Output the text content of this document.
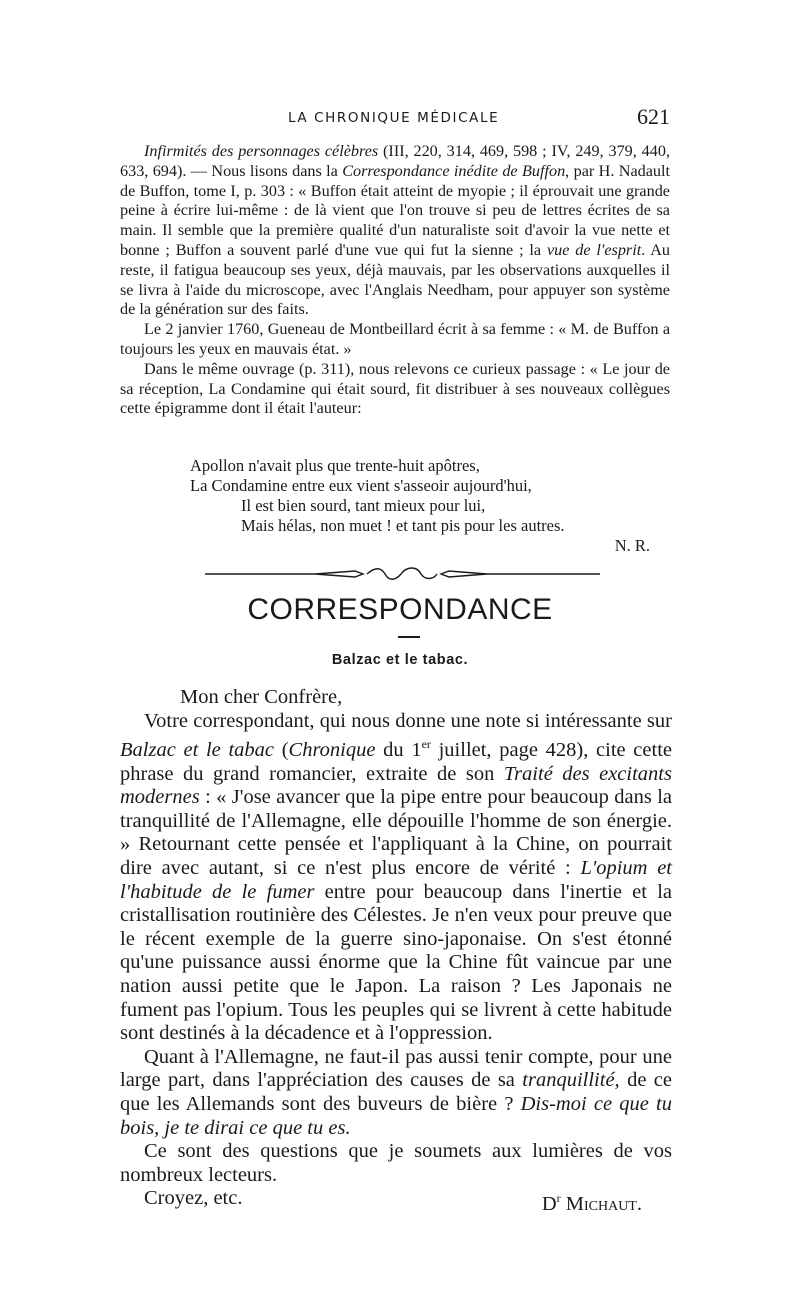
LA CHRONIQUE MÉDICALE	621

Infirmités des personnages célèbres (III, 220, 314, 469, 598 ; IV, 249, 379, 440, 633, 694). — Nous lisons dans la Correspondance inédite de Buffon, par H. Nadault de Buffon, tome I, p. 303 : « Buffon était atteint de myopie ; il éprouvait une grande peine à écrire lui-même : de là vient que l'on trouve si peu de lettres écrites de sa main. Il semble que la première qualité d'un naturaliste soit d'avoir la vue nette et bonne ; Buffon a souvent parlé d'une vue qui fut la sienne ; la vue de l'esprit. Au reste, il fatigua beaucoup ses yeux, déjà mauvais, par les observations auxquelles il se livra à l'aide du microscope, avec l'Anglais Needham, pour appuyer son système de la génération sur des faits.

Le 2 janvier 1760, Gueneau de Montbeillard écrit à sa femme : « M. de Buffon a toujours les yeux en mauvais état. »

Dans le même ouvrage (p. 311), nous relevons ce curieux passage : « Le jour de sa réception, La Condamine qui était sourd, fit distribuer à ses nouveaux collègues cette épigramme dont il était l'auteur:

Apollon n'avait plus que trente-huit apôtres,
La Condamine entre eux vient s'asseoir aujourd'hui,
Il est bien sourd, tant mieux pour lui,
Mais hélas, non muet ! et tant pis pour les autres.
N. R.
CORRESPONDANCE
Balzac et le tabac.

Mon cher Confrère,

Votre correspondant, qui nous donne une note si intéressante sur Balzac et le tabac (Chronique du 1er juillet, page 428), cite cette phrase du grand romancier, extraite de son Traité des excitants modernes : « J'ose avancer que la pipe entre pour beaucoup dans la tranquillité de l'Allemagne, elle dépouille l'homme de son énergie. » Retournant cette pensée et l'appliquant à la Chine, on pourrait dire avec autant, si ce n'est plus encore de vérité : L'opium et l'habitude de le fumer entre pour beaucoup dans l'inertie et la cristallisation routinière des Célestes. Je n'en veux pour preuve que le récent exemple de la guerre sino-japonaise. On s'est étonné qu'une puissance aussi énorme que la Chine fût vaincue par une nation aussi petite que le Japon. La raison ? Les Japonais ne fument pas l'opium. Tous les peuples qui se livrent à cette habitude sont destinés à la décadence et à l'oppression.

Quant à l'Allemagne, ne faut-il pas aussi tenir compte, pour une large part, dans l'appréciation des causes de sa tranquillité, de ce que les Allemands sont des buveurs de bière ? Dis-moi ce que tu bois, je te dirai ce que tu es.

Ce sont des questions que je soumets aux lumières de vos nombreux lecteurs.

Croyez, etc.	$D^r$ Michaut.
